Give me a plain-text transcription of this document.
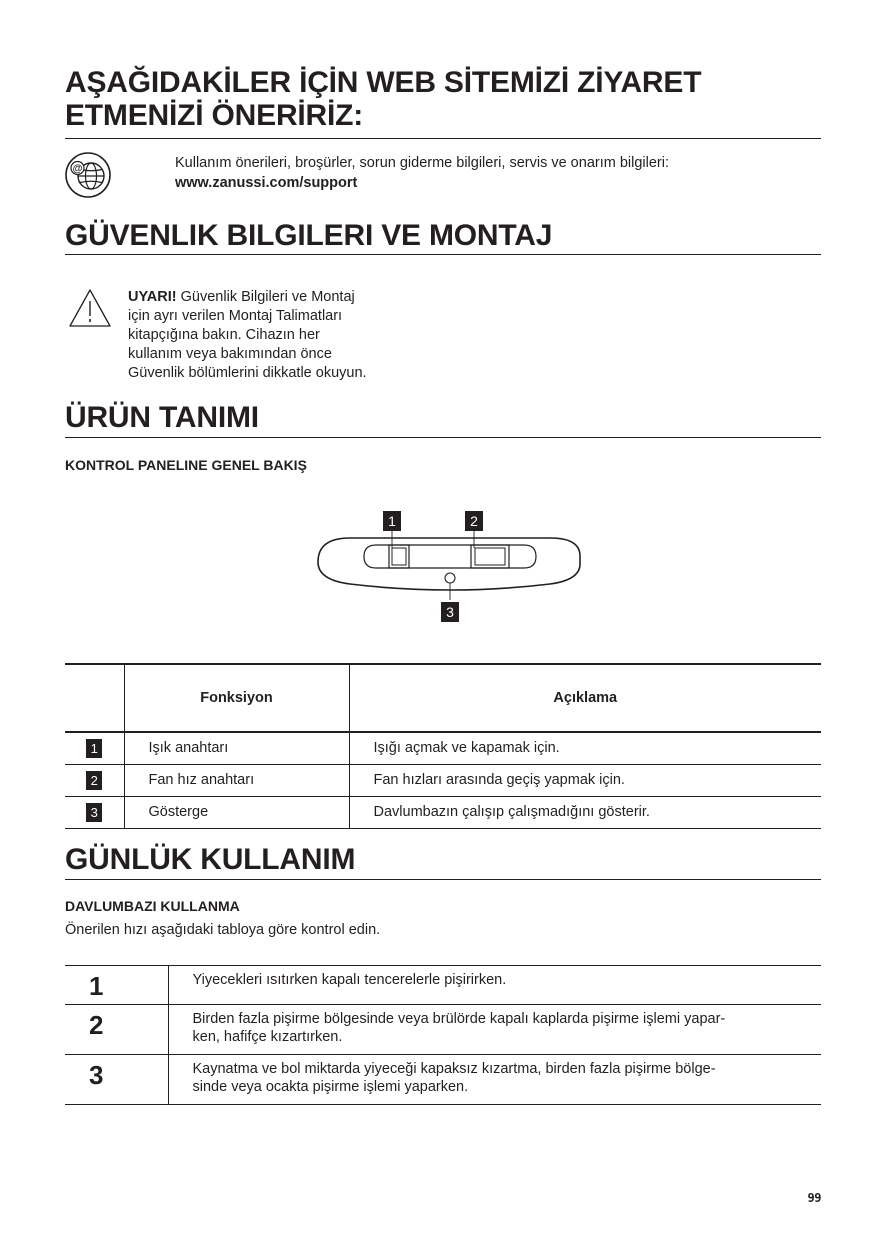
AŞAĞIDAKİLER İÇİN WEB SİTEMİZİ ZİYARET
ETMENİZİ ÖNERİRİZ:
@	Kullanım önerileri, broşürler, sorun giderme bilgileri, servis ve onarım bilgileri:
www.zanussi.com/support
GÜVENLIK BILGILERI VE MONTAJ
UYARI! Güvenlik Bilgileri ve Montaj
için ayrı verilen Montaj Talimatları
kitapçığına bakın. Cihazın her
kullanım veya bakımından önce
Güvenlik bölümlerini dikkatle okuyun.
ÜRÜN TANIMI
KONTROL PANELINE GENEL BAKIŞ
1	2
3
	Fonksiyon	Açıklama
1	Işık anahtarı	Işığı açmak ve kapamak için.
2	Fan hız anahtarı	Fan hızları arasında geçiş yapmak için.
3	Gösterge	Davlumbazın çalışıp çalışmadığını gösterir.
GÜNLÜK KULLANIM
DAVLUMBAZI KULLANMA
Önerilen hızı aşağıdaki tabloya göre kontrol edin.
1	Yiyecekleri ısıtırken kapalı tencerelerle pişirirken.

2	Birden fazla pişirme bölgesinde veya brülörde kapalı kaplarda pişirme işlemi yapar-
ken, hafifçe kızartırken.

3	Kaynatma ve bol miktarda yiyeceği kapaksız kızartma, birden fazla pişirme bölge-
sinde veya ocakta pişirme işlemi yaparken.
99
